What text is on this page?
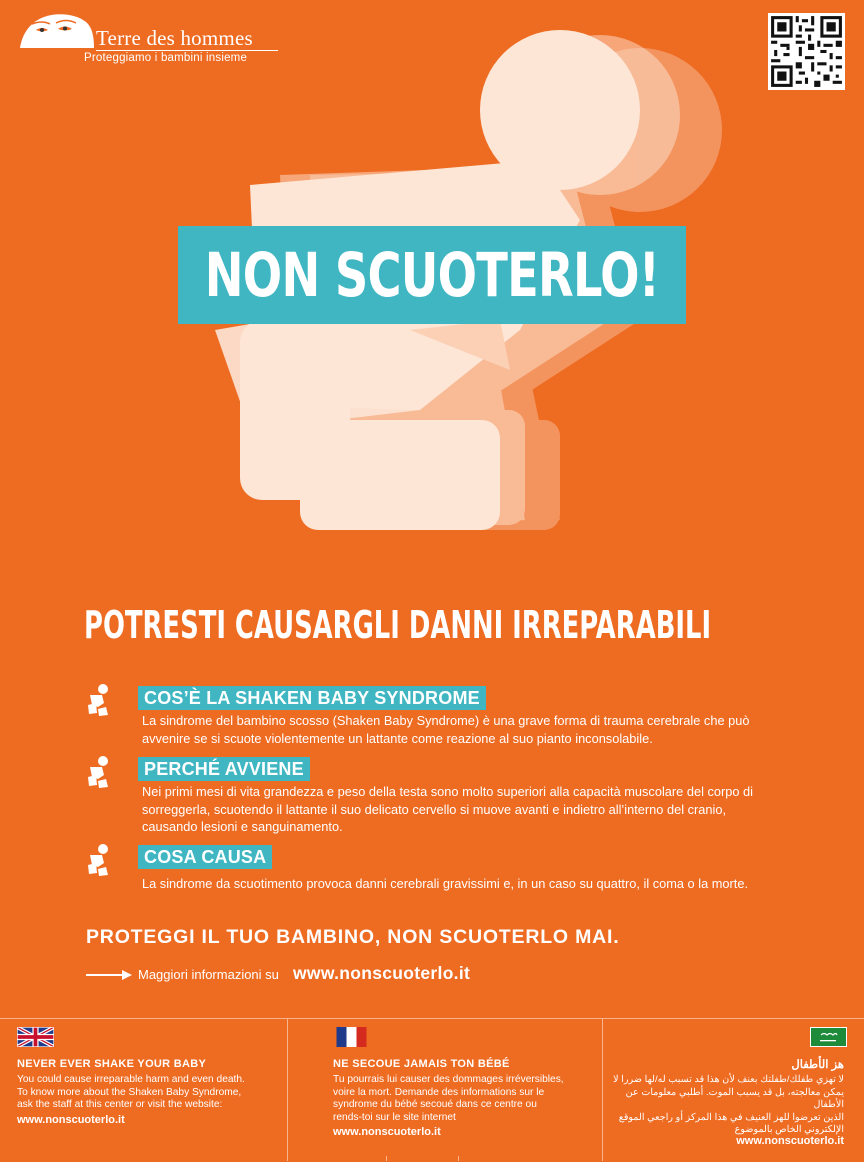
Terre des hommes
Proteggiamo i bambini insieme
NON SCUOTERLO!
POTRESTI CAUSARGLI DANNI IRREPARABILI
COS’È LA SHAKEN BABY SYNDROME
La sindrome del bambino scosso (Shaken Baby Syndrome) è una grave forma di trauma cerebrale che può
avvenire se si scuote violentemente un lattante come reazione al suo pianto inconsolabile.
PERCHÉ AVVIENE
Nei primi mesi di vita grandezza e peso della testa sono molto superiori alla capacità muscolare del corpo di
sorreggerla, scuotendo il lattante il suo delicato cervello si muove avanti e indietro all’interno del cranio,
causando lesioni e sanguinamento.
COSA CAUSA
La sindrome da scuotimento provoca danni cerebrali gravissimi e, in un caso su quattro, il coma o la morte.
PROTEGGI IL TUO BAMBINO, NON SCUOTERLO MAI.
Maggiori informazioni su www.nonscuoterlo.it
NEVER EVER SHAKE YOUR BABY
You could cause irreparable harm and even death.
To know more about the Shaken Baby Syndrome,
ask the staff at this center or visit the website:
www.nonscuoterlo.it
NE SECOUE JAMAIS TON BÉBÉ
Tu pourrais lui causer des dommages irréversibles,
voire la mort. Demande des informations sur le
syndrome du bébé secoué dans ce centre ou
rends-toi sur le site internet
www.nonscuoterlo.it
هز الأطفال
لا تهزي طفلك/طفلتك بعنف لأن هذا قد تسبب له/لها ضررا لا
يمكن معالجته، بل قد يسبب الموت. أطلبي معلومات عن الأطفال
الذين تعرضوا للهز العنيف في هذا المركز أو راجعي الموقع
الإلكتروني الخاص بالموضوع
www.nonscuoterlo.it
